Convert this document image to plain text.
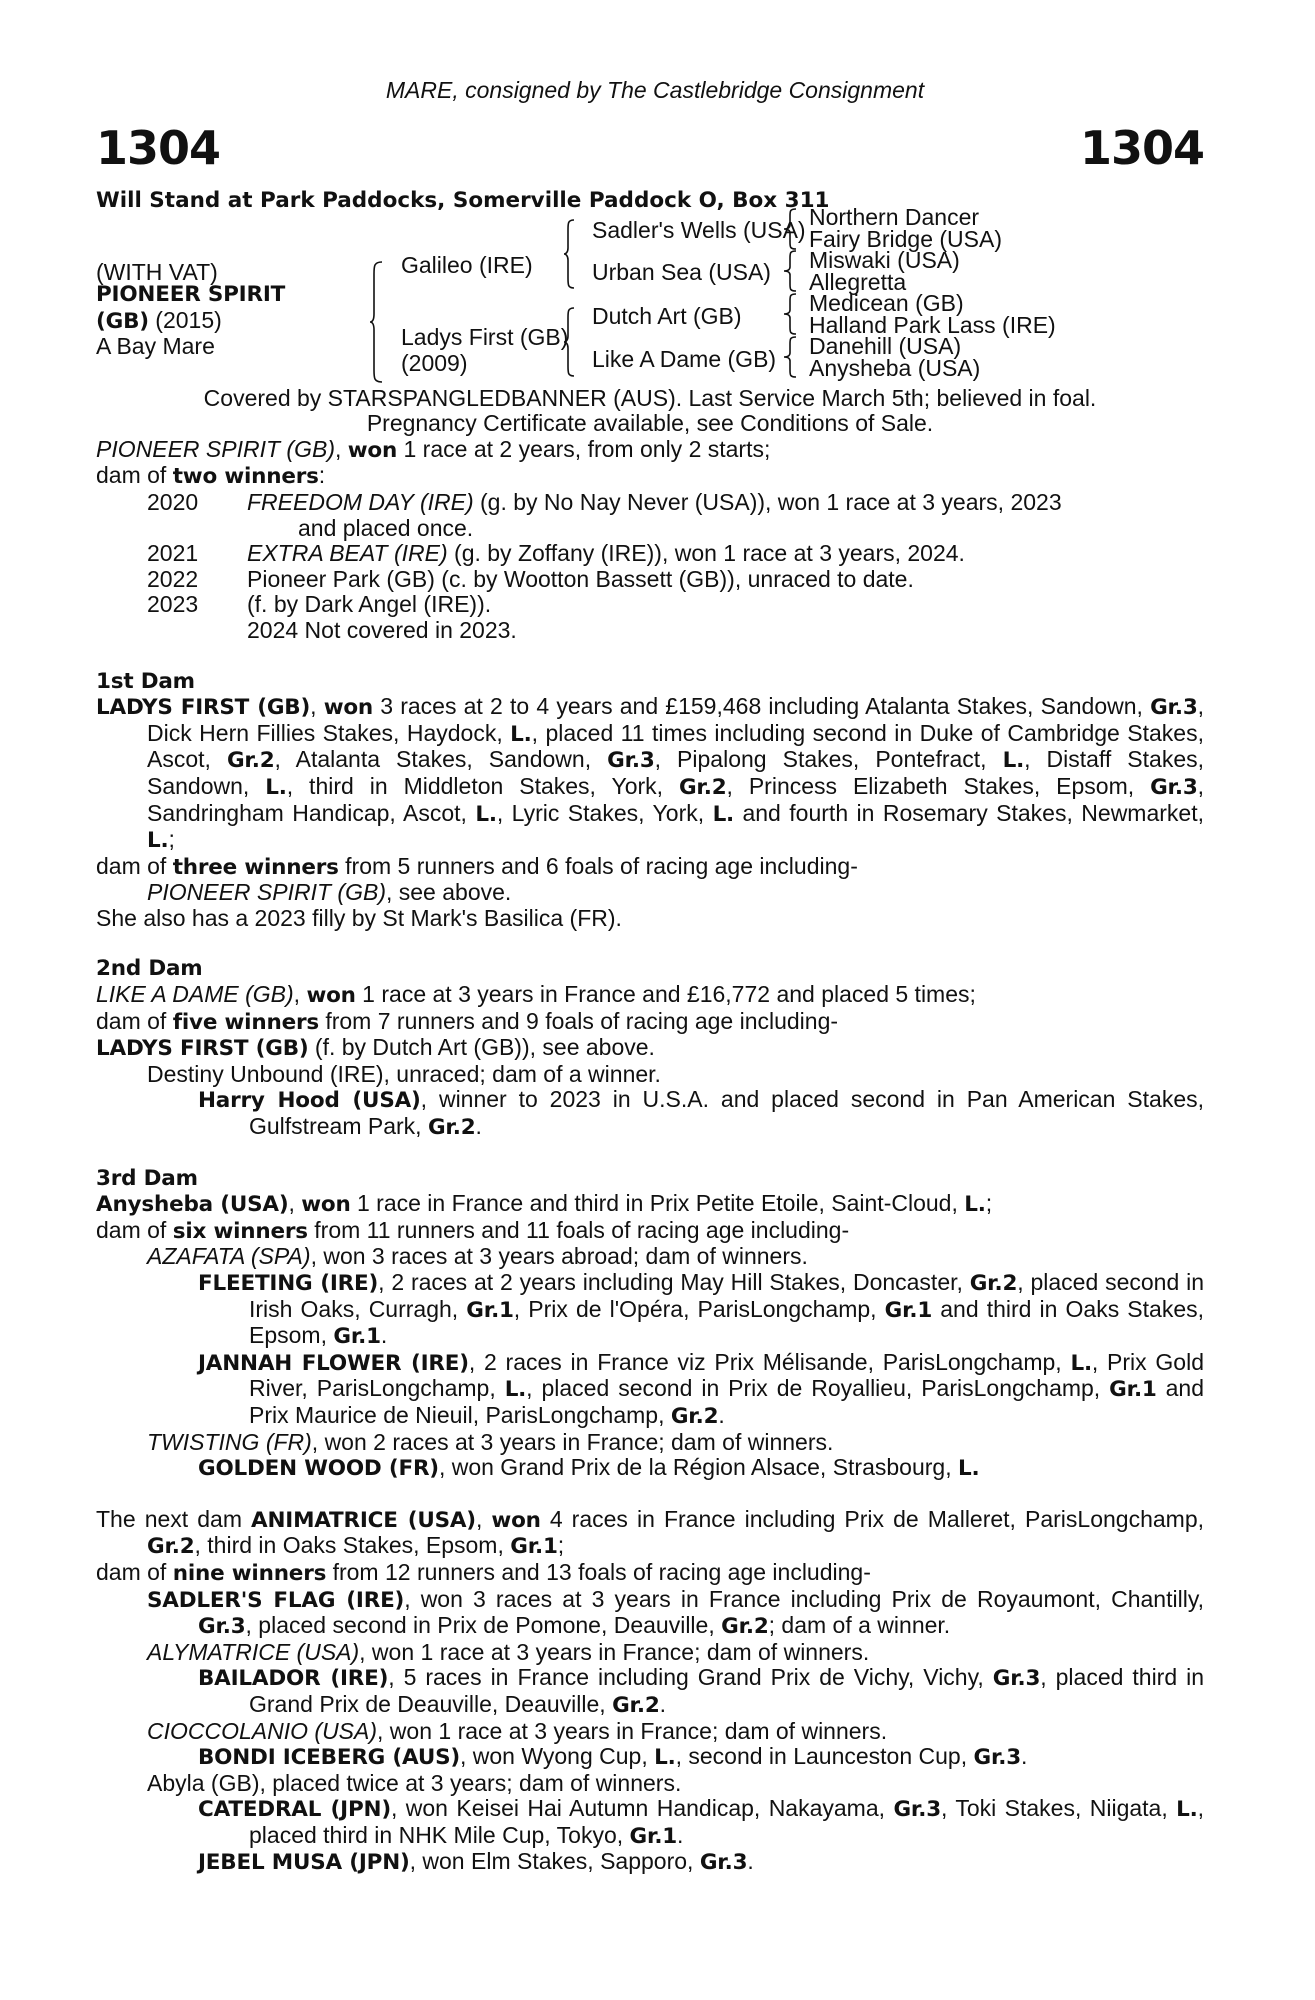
MARE, consigned by The Castlebridge Consignment
1304	1304
Will Stand at Park Paddocks, Somerville Paddock O, Box 311
(WITH VAT)
PIONEER SPIRIT
(GB) (2015)
A Bay Mare
Galileo (IRE)
Ladys First (GB)
(2009)
Sadler's Wells (USA)
Urban Sea (USA)
Dutch Art (GB)
Like A Dame (GB)
Northern Dancer
Fairy Bridge (USA)
Miswaki (USA)
Allegretta
Medicean (GB)
Halland Park Lass (IRE)
Danehill (USA)
Anysheba (USA)
Covered by STARSPANGLEDBANNER (AUS). Last Service March 5th; believed in foal.
Pregnancy Certificate available, see Conditions of Sale.

PIONEER SPIRIT (GB), won 1 race at 2 years, from only 2 starts;

dam of two winners:

2020	FREEDOM DAY (IRE) (g. by No Nay Never (USA)), won 1 race at 3 years, 2023
and placed once.
2021	EXTRA BEAT (IRE) (g. by Zoffany (IRE)), won 1 race at 3 years, 2024.
2022	Pioneer Park (GB) (c. by Wootton Bassett (GB)), unraced to date.
2023	(f. by Dark Angel (IRE)).
2024 Not covered in 2023.
1st Dam

LADYS FIRST (GB), won 3 races at 2 to 4 years and £159,468 including Atalanta Stakes, Sandown, Gr.3, Dick Hern Fillies Stakes, Haydock, L., placed 11 times including second in Duke of Cambridge Stakes, Ascot, Gr.2, Atalanta Stakes, Sandown, Gr.3, Pipalong Stakes, Pontefract, L., Distaff Stakes, Sandown, L., third in Middleton Stakes, York, Gr.2, Princess Elizabeth Stakes, Epsom, Gr.3, Sandringham Handicap, Ascot, L., Lyric Stakes, York, L. and fourth in Rosemary Stakes, Newmarket, L.;

dam of three winners from 5 runners and 6 foals of racing age including-

PIONEER SPIRIT (GB), see above.

She also has a 2023 filly by St Mark's Basilica (FR).

2nd Dam

LIKE A DAME (GB), won 1 race at 3 years in France and £16,772 and placed 5 times;

dam of five winners from 7 runners and 9 foals of racing age including-

LADYS FIRST (GB) (f. by Dutch Art (GB)), see above.

Destiny Unbound (IRE), unraced; dam of a winner.

Harry Hood (USA), winner to 2023 in U.S.A. and placed second in Pan American Stakes, Gulfstream Park, Gr.2.

3rd Dam

Anysheba (USA), won 1 race in France and third in Prix Petite Etoile, Saint-Cloud, L.;

dam of six winners from 11 runners and 11 foals of racing age including-

AZAFATA (SPA), won 3 races at 3 years abroad; dam of winners.

FLEETING (IRE), 2 races at 2 years including May Hill Stakes, Doncaster, Gr.2, placed second in Irish Oaks, Curragh, Gr.1, Prix de l'Opéra, ParisLongchamp, Gr.1 and third in Oaks Stakes, Epsom, Gr.1.

JANNAH FLOWER (IRE), 2 races in France viz Prix Mélisande, ParisLongchamp, L., Prix Gold River, ParisLongchamp, L., placed second in Prix de Royallieu, ParisLongchamp, Gr.1 and Prix Maurice de Nieuil, ParisLongchamp, Gr.2.

TWISTING (FR), won 2 races at 3 years in France; dam of winners.

GOLDEN WOOD (FR), won Grand Prix de la Région Alsace, Strasbourg, L.

The next dam ANIMATRICE (USA), won 4 races in France including Prix de Malleret, ParisLongchamp, Gr.2, third in Oaks Stakes, Epsom, Gr.1;

dam of nine winners from 12 runners and 13 foals of racing age including-

SADLER'S FLAG (IRE), won 3 races at 3 years in France including Prix de Royaumont, Chantilly, Gr.3, placed second in Prix de Pomone, Deauville, Gr.2; dam of a winner.

ALYMATRICE (USA), won 1 race at 3 years in France; dam of winners.

BAILADOR (IRE), 5 races in France including Grand Prix de Vichy, Vichy, Gr.3, placed third in Grand Prix de Deauville, Deauville, Gr.2.

CIOCCOLANIO (USA), won 1 race at 3 years in France; dam of winners.

BONDI ICEBERG (AUS), won Wyong Cup, L., second in Launceston Cup, Gr.3.

Abyla (GB), placed twice at 3 years; dam of winners.

CATEDRAL (JPN), won Keisei Hai Autumn Handicap, Nakayama, Gr.3, Toki Stakes, Niigata, L., placed third in NHK Mile Cup, Tokyo, Gr.1.

JEBEL MUSA (JPN), won Elm Stakes, Sapporo, Gr.3.
